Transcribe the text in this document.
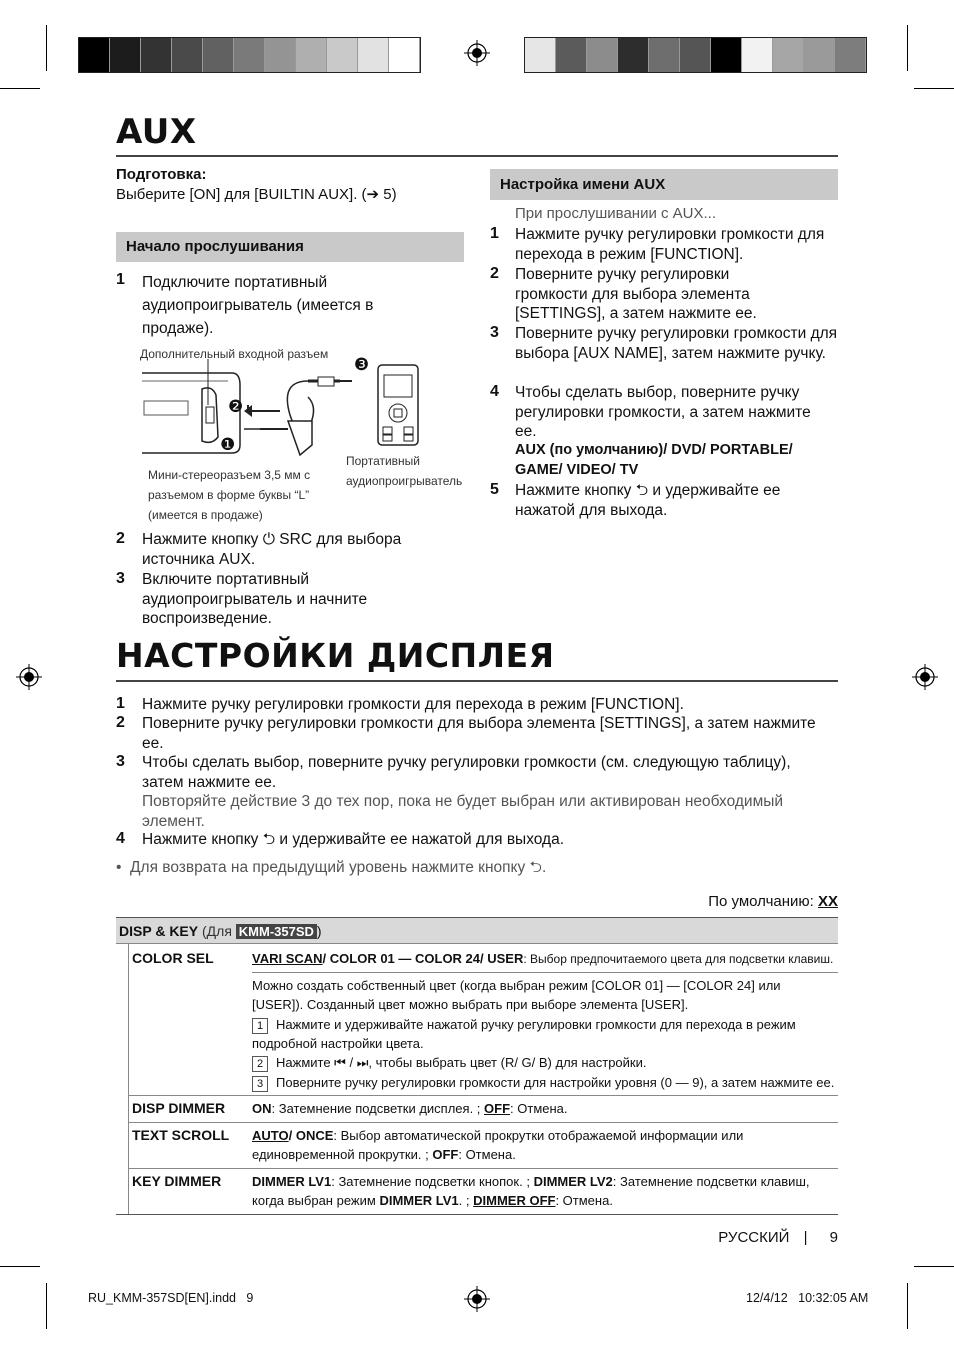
AUX
Подготовка:
Выберите [ON] для [BUILTIN AUX]. (➔ 5)
Начало прослушивания
1 Подключите портативный аудиопроигрыватель (имеется в продаже).
Дополнительный входной разъем
❶
❷
❸
Мини-стереоразъем 3,5 мм с разъемом в форме буквы “L” (имеется в продаже)
Портативный аудиопроигрыватель
2 Нажмите кнопку ⏻ SRC для выбора источника AUX.
3 Включите портативный аудиопроигрыватель и начните воспроизведение.
Настройка имени AUX
При прослушивании с AUX...
1 Нажмите ручку регулировки громкости для перехода в режим [FUNCTION].
2 Поверните ручку регулировки громкости для выбора элемента [SETTINGS], а затем нажмите ее.
3 Поверните ручку регулировки громкости для выбора [AUX NAME], затем нажмите ручку.
4 Чтобы сделать выбор, поверните ручку регулировки громкости, а затем нажмите ее.
AUX (по умолчанию)/ DVD/ PORTABLE/ GAME/ VIDEO/ TV
5 Нажмите кнопку ⮌ и удерживайте ее нажатой для выхода.
НАСТРОЙКИ ДИСПЛЕЯ
1 Нажмите ручку регулировки громкости для перехода в режим [FUNCTION].
2 Поверните ручку регулировки громкости для выбора элемента [SETTINGS], а затем нажмите ее.
3 Чтобы сделать выбор, поверните ручку регулировки громкости (см. следующую таблицу), затем нажмите ее.
Повторяйте действие 3 до тех пор, пока не будет выбран или активирован необходимый элемент.
4 Нажмите кнопку ⮌ и удерживайте ее нажатой для выхода.
•  Для возврата на предыдущий уровень нажмите кнопку ⮌.
По умолчанию: XX
DISP & KEY (Для KMM-357SD )
COLOR SEL	VARI SCAN/ COLOR 01 — COLOR 24/ USER: Выбор предпочитаемого цвета для подсветки клавиш.
Можно создать собственный цвет (когда выбран режим [COLOR 01] — [COLOR 24] или [USER]). Созданный цвет можно выбрать при выборе элемента [USER].
1 Нажмите и удерживайте нажатой ручку регулировки громкости для перехода в режим подробной настройки цвета.
2 Нажмите ⏮ / ⏭, чтобы выбрать цвет (R/ G/ B) для настройки.
3 Поверните ручку регулировки громкости для настройки уровня (0 — 9), а затем нажмите ее.
DISP DIMMER ON: Затемнение подсветки дисплея. ; OFF: Отмена.
TEXT SCROLL AUTO/ ONCE: Выбор автоматической прокрутки отображаемой информации или единовременной прокрутки. ; OFF: Отмена.
KEY DIMMER DIMMER LV1: Затемнение подсветки кнопок. ; DIMMER LV2: Затемнение подсветки клавиш, когда выбран режим DIMMER LV1. ; DIMMER OFF: Отмена.
РУССКИЙ | 9
RU_KMM-357SD[EN].indd   9	12/4/12   10:32:05 AM
